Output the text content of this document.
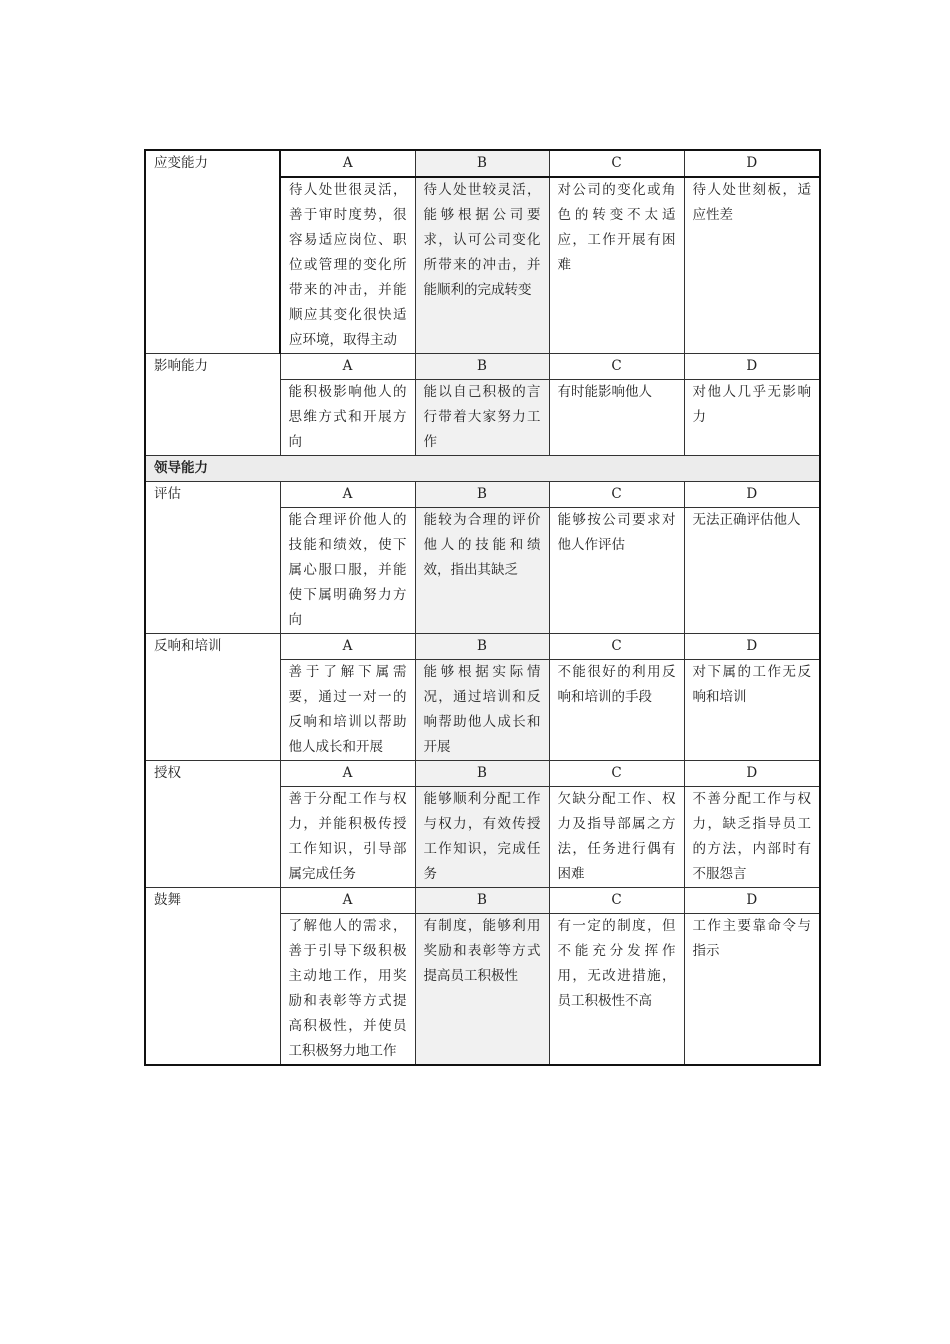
应变能力	A	B	C	D
	待人处世很灵活，善于审时度势，很容易适应岗位、职位或管理的变化所带来的冲击，并能顺应其变化很快适应环境，取得主动	待人处世较灵活，能够根据公司要求，认可公司变化所带来的冲击，并能顺利的完成转变	对公司的变化或角色的转变不太适应，工作开展有困难	待人处世刻板，适应性差
影响能力	A	B	C	D
	能积极影响他人的思维方式和开展方向	能以自己积极的言行带着大家努力工作	有时能影响他人	对他人几乎无影响力
领导能力				
评估	A	B	C	D
	能合理评价他人的技能和绩效，使下属心服口服，并能使下属明确努力方向	能较为合理的评价他人的技能和绩效，指出其缺乏	能够按公司要求对他人作评估	无法正确评估他人
反响和培训	A	B	C	D
	善于了解下属需要，通过一对一的反响和培训以帮助他人成长和开展	能够根据实际情况，通过培训和反响帮助他人成长和开展	不能很好的利用反响和培训的手段	对下属的工作无反响和培训
授权	A	B	C	D
	善于分配工作与权力，并能积极传授工作知识，引导部属完成任务	能够顺利分配工作与权力，有效传授工作知识，完成任务	欠缺分配工作、权力及指导部属之方法，任务进行偶有困难	不善分配工作与权力，缺乏指导员工的方法，内部时有不服怨言
鼓舞	A	B	C	D
	了解他人的需求，善于引导下级积极主动地工作，用奖励和表彰等方式提高积极性，并使员工积极努力地工作	有制度，能够利用奖励和表彰等方式提高员工积极性	有一定的制度，但不能充分发挥作用，无改进措施，员工积极性不高	工作主要靠命令与指示
